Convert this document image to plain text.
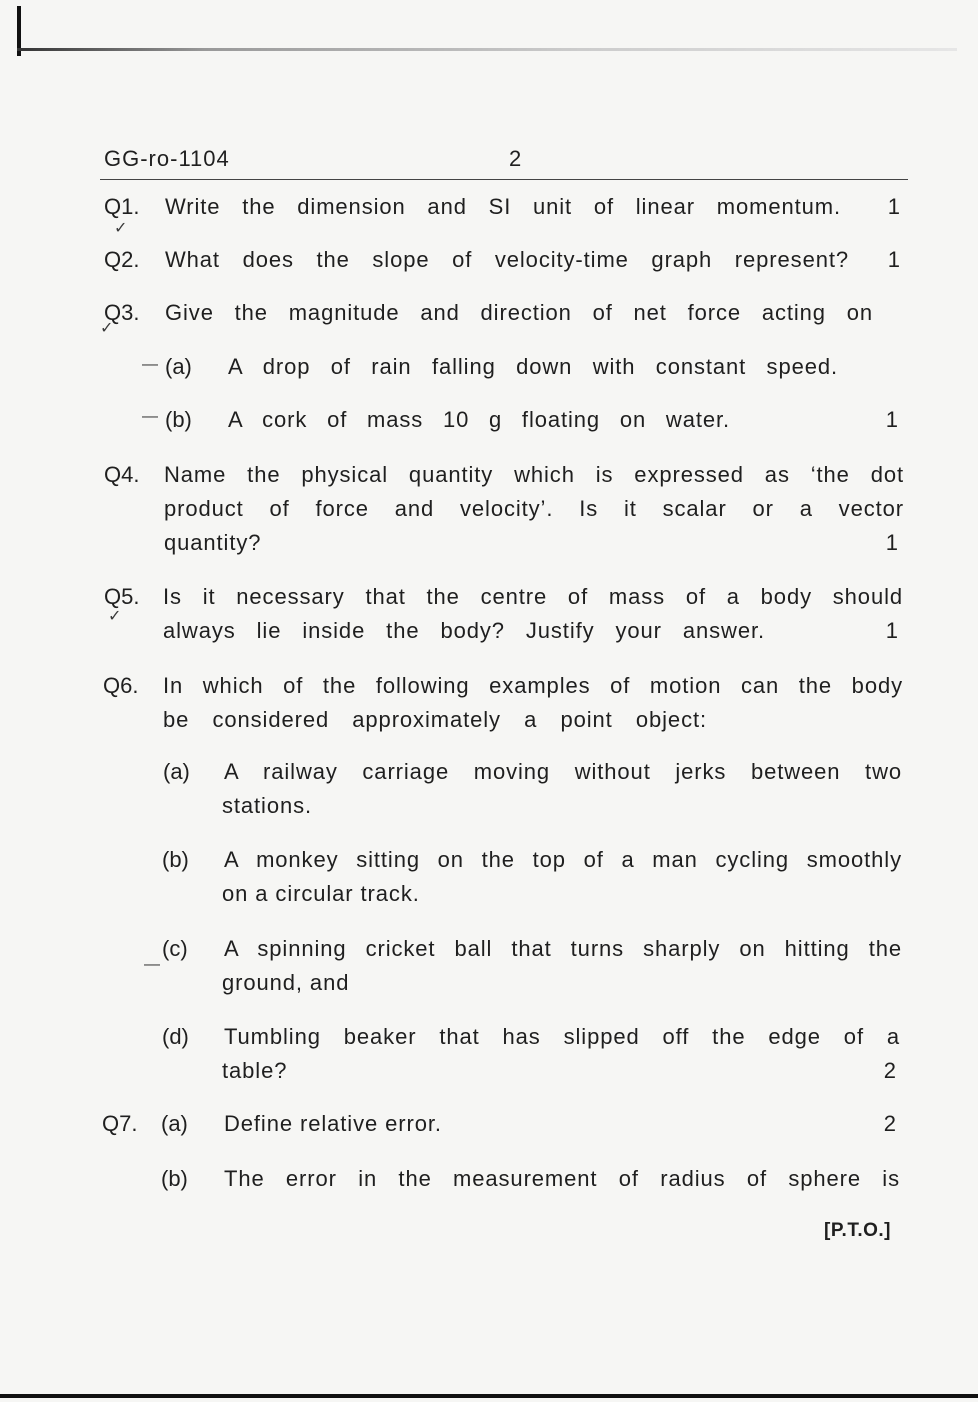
GG-ro-1104	2
Q1. Write the dimension and SI unit of linear momentum.	1
✓
Q2. What does the slope of velocity-time graph represent?	1
Q3. Give the magnitude and direction of net force acting on
✓
(a) A drop of rain falling down with constant speed.
—
(b) A cork of mass 10 g floating on water.	1
—
Q4. Name the physical quantity which is expressed as ‘the dot
product of force and velocity’. Is it scalar or a vector
quantity?	1
Q5. Is it necessary that the centre of mass of a body should
always lie inside the body? Justify your answer.	1
✓
Q6. In which of the following examples of motion can the body
be considered approximately a point object:
(a) A railway carriage moving without jerks between two
stations.
(b) A monkey sitting on the top of a man cycling smoothly
on a circular track.
(c) A spinning cricket ball that turns sharply on hitting the
ground, and
—
(d) Tumbling beaker that has slipped off the edge of a
table?	2
Q7. (a) Define relative error.	2
(b) The error in the measurement of radius of sphere is
[P.T.O.]
